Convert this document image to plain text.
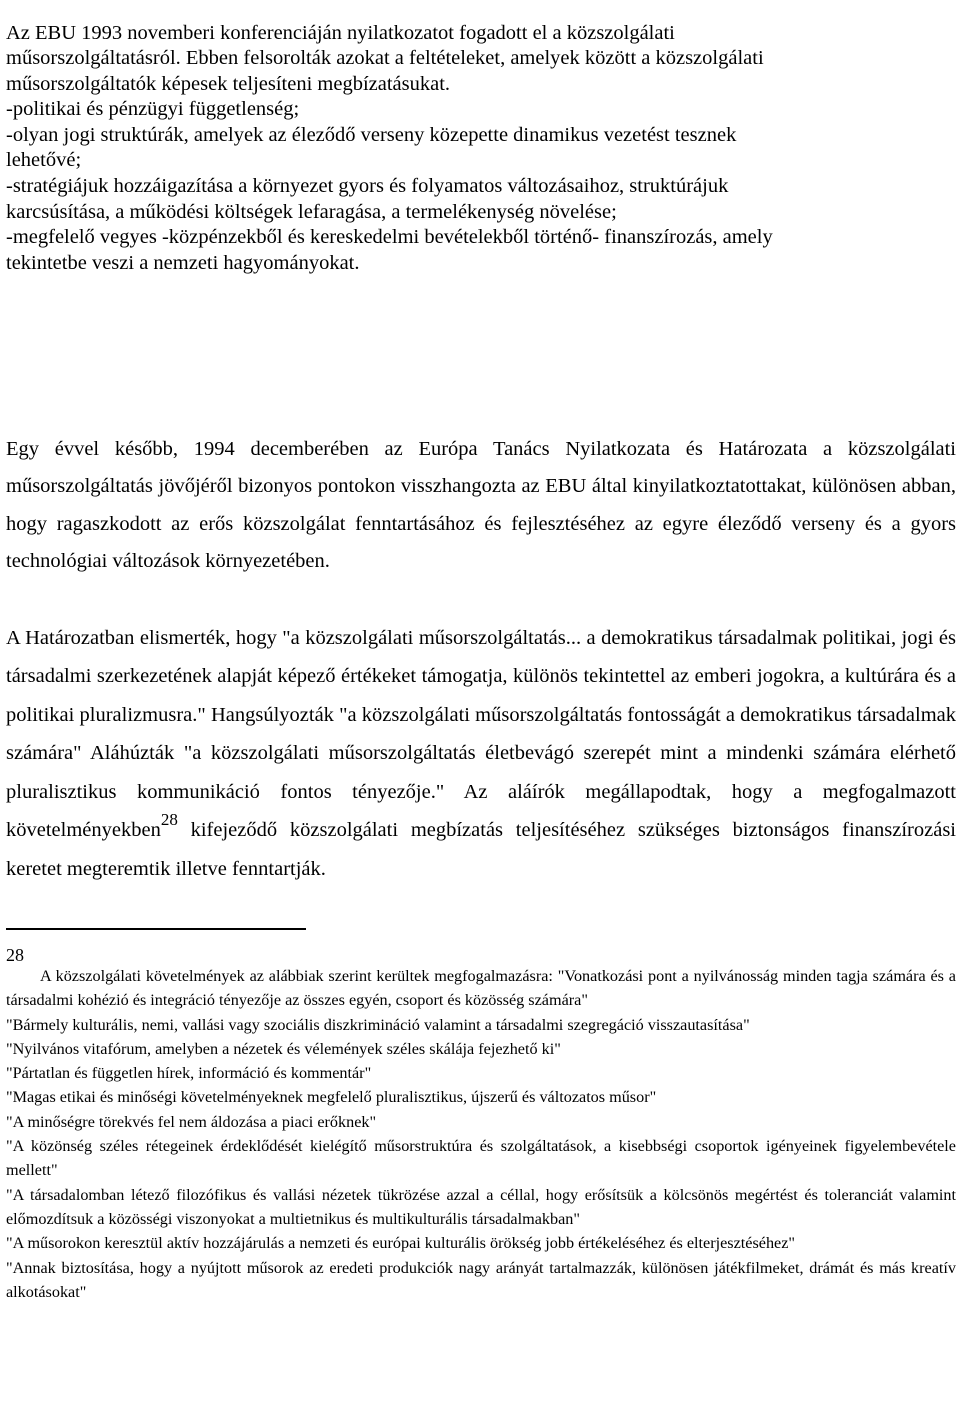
Az EBU 1993 novemberi konferenciáján nyilatkozatot fogadott el a közszolgálati
műsorszolgáltatásról. Ebben felsorolták azokat a feltételeket, amelyek között a közszolgálati
műsorszolgáltatók képesek teljesíteni megbízatásukat.
-politikai és pénzügyi függetlenség;
-olyan jogi struktúrák, amelyek az éleződő verseny közepette dinamikus vezetést tesznek
lehetővé;
-stratégiájuk hozzáigazítása a környezet gyors és folyamatos változásaihoz, struktúrájuk
karcsúsítása, a működési költségek lefaragása, a termelékenység növelése;
-megfelelő vegyes -közpénzekből és kereskedelmi bevételekből történő- finanszírozás, amely
tekintetbe veszi a nemzeti hagyományokat.

Egy évvel később, 1994 decemberében az Európa Tanács Nyilatkozata és Határozata a közszolgálati műsorszolgáltatás jövőjéről bizonyos pontokon visszhangozta az EBU által kinyilatkoztatottakat, különösen abban, hogy ragaszkodott az erős közszolgálat fenntartásához és fejlesztéséhez az egyre éleződő verseny és a gyors technológiai változások környezetében.

A Határozatban elismerték, hogy "a közszolgálati műsorszolgáltatás... a demokratikus társadalmak politikai, jogi és társadalmi szerkezetének alapját képező értékeket támogatja, különös tekintettel az emberi jogokra, a kultúrára és a politikai pluralizmusra." Hangsúlyozták "a közszolgálati műsorszolgáltatás fontosságát a demokratikus társadalmak számára" Aláhúzták "a közszolgálati műsorszolgáltatás életbevágó szerepét mint a mindenki számára elérhető pluralisztikus kommunikáció fontos tényezője." Az aláírók megállapodtak, hogy a megfogalmazott követelményekben$^{28}$ kifejeződő közszolgálati megbízatás teljesítéséhez szükséges biztonságos finanszírozási keretet megteremtik illetve fenntartják.

28

A közszolgálati követelmények az alábbiak szerint kerültek megfogalmazásra: "Vonatkozási pont a nyilvánosság minden tagja számára és a társadalmi kohézió és integráció tényezője az összes egyén, csoport és közösség számára"

"Bármely kulturális, nemi, vallási vagy szociális diszkrimináció valamint a társadalmi szegregáció visszautasítása"

"Nyilvános vitafórum, amelyben a nézetek és vélemények széles skálája fejezhető ki"

"Pártatlan és független hírek, információ és kommentár"

"Magas etikai és minőségi követelményeknek megfelelő pluralisztikus, újszerű és változatos műsor"

"A minőségre törekvés fel nem áldozása a piaci erőknek"

"A közönség széles rétegeinek érdeklődését kielégítő műsorstruktúra és szolgáltatások, a kisebbségi csoportok igényeinek figyelembevétele mellett"

"A társadalomban létező filozófikus és vallási nézetek tükrözése azzal a céllal, hogy erősítsük a kölcsönös megértést és toleranciát valamint előmozdítsuk a közösségi viszonyokat a multietnikus és multikulturális társadalmakban"

"A műsorokon keresztül aktív hozzájárulás a nemzeti és európai kulturális örökség jobb értékeléséhez és elterjesztéséhez"

"Annak biztosítása, hogy a nyújtott műsorok az eredeti produkciók nagy arányát tartalmazzák, különösen játékfilmeket, drámát és más kreatív alkotásokat"
